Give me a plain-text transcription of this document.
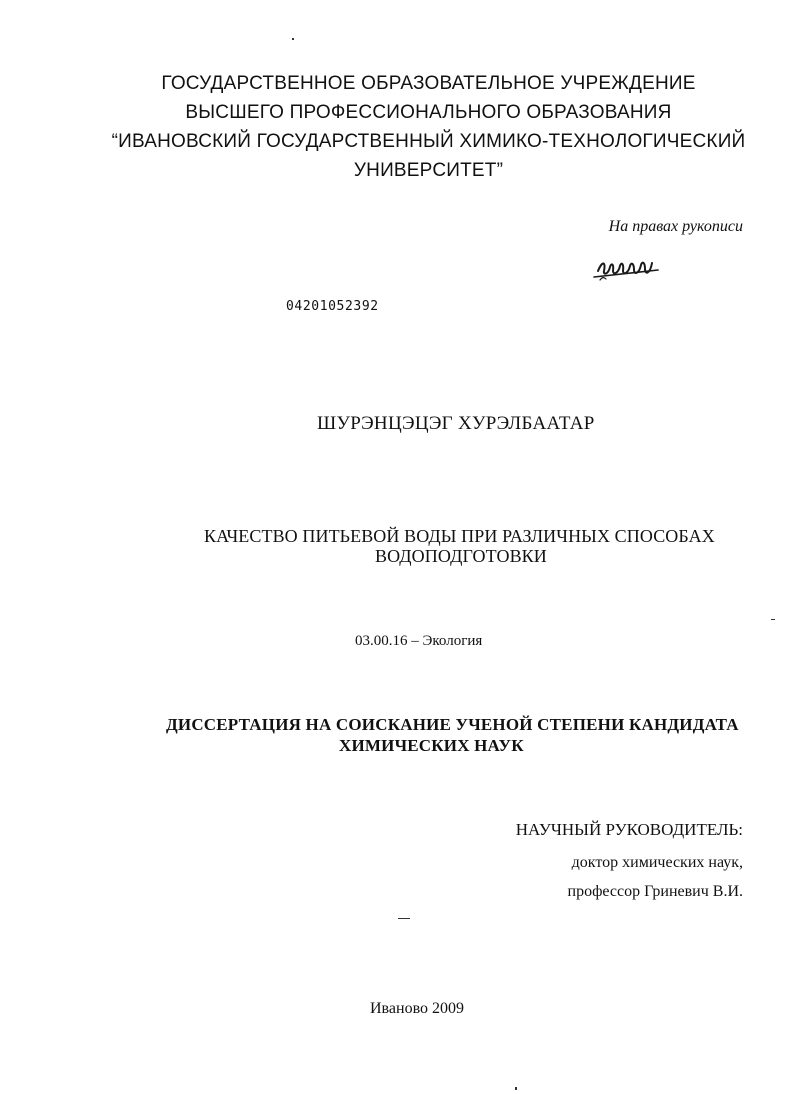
ГОСУДАРСТВЕННОЕ ОБРАЗОВАТЕЛЬНОЕ УЧРЕЖДЕНИЕ
ВЫСШЕГО ПРОФЕССИОНАЛЬНОГО ОБРАЗОВАНИЯ
“ИВАНОВСКИЙ ГОСУДАРСТВЕННЫЙ ХИМИКО-ТЕХНОЛОГИЧЕСКИЙ
УНИВЕРСИТЕТ”
На правах рукописи
04201052392
ШУРЭНЦЭЦЭГ ХУРЭЛБААТАР
КАЧЕСТВО ПИТЬЕВОЙ ВОДЫ ПРИ РАЗЛИЧНЫХ СПОСОБАХ
ВОДОПОДГОТОВКИ
03.00.16 – Экология
ДИССЕРТАЦИЯ НА СОИСКАНИЕ УЧЕНОЙ СТЕПЕНИ КАНДИДАТА
ХИМИЧЕСКИХ НАУК
НАУЧНЫЙ РУКОВОДИТЕЛЬ:
доктор химических наук,
профессор Гриневич В.И.
Иваново 2009
